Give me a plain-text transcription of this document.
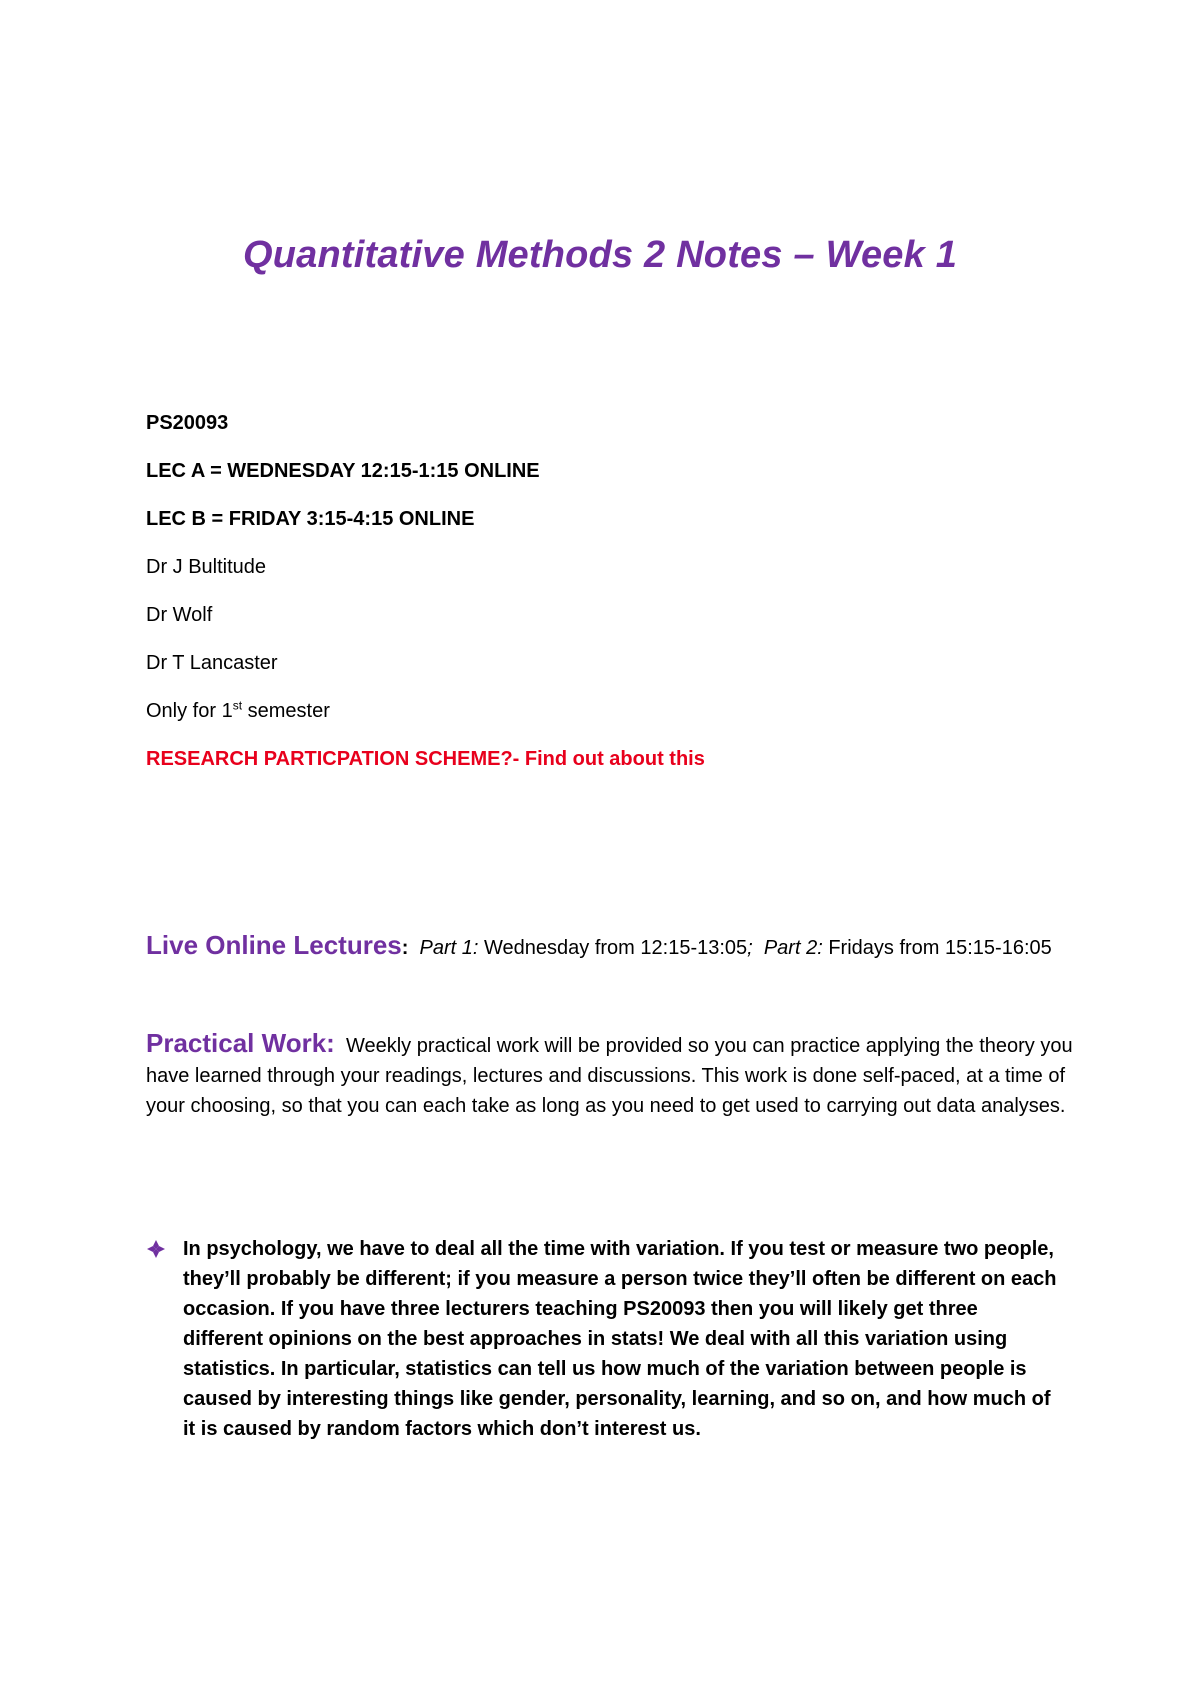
Quantitative Methods 2 Notes – Week 1
PS20093
LEC A = WEDNESDAY 12:15-1:15 ONLINE
LEC B = FRIDAY 3:15-4:15 ONLINE
Dr J Bultitude
Dr Wolf
Dr T Lancaster
Only for 1st semester
RESEARCH PARTICPATION SCHEME?- Find out about this
Live Online Lectures: Part 1: Wednesday from 12:15-13:05; Part 2: Fridays from 15:15-16:05
Practical Work: Weekly practical work will be provided so you can practice applying the theory you have learned through your readings, lectures and discussions. This work is done self-paced, at a time of your choosing, so that you can each take as long as you need to get used to carrying out data analyses.
In psychology, we have to deal all the time with variation. If you test or measure two people, they’ll probably be different; if you measure a person twice they’ll often be different on each occasion. If you have three lecturers teaching PS20093 then you will likely get three different opinions on the best approaches in stats! We deal with all this variation using statistics. In particular, statistics can tell us how much of the variation between people is caused by interesting things like gender, personality, learning, and so on, and how much of it is caused by random factors which don’t interest us.
